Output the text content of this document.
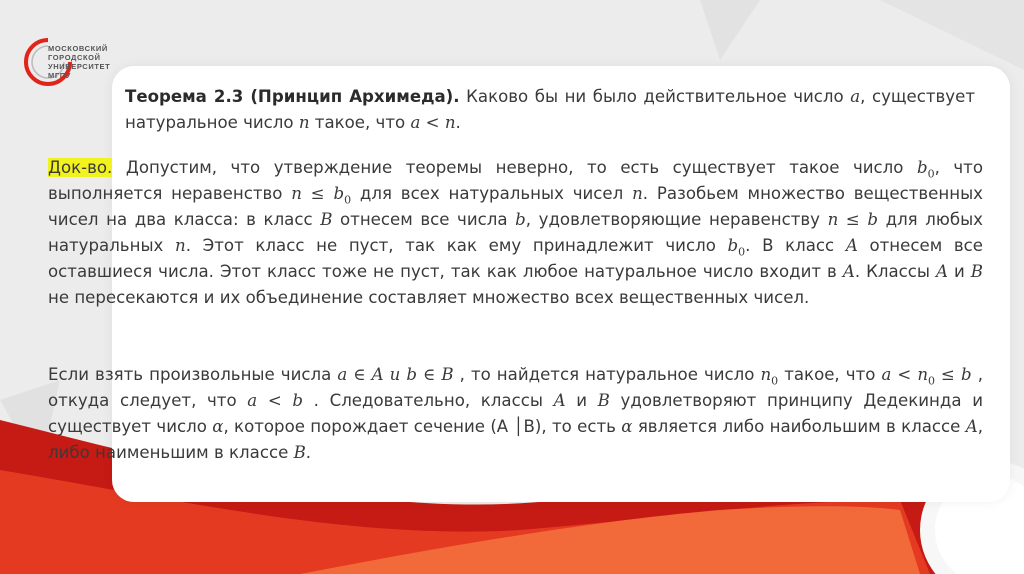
МОСКОВСКИЙ
ГОРОДСКОЙ
УНИВЕРСИТЕТ
МГПУ
Теорема 2.3 (Принцип Архимеда). Каково бы ни было действительное число a, существует натуральное число n такое, что a < n.
Док-во. Допустим, что утверждение теоремы неверно, то есть существует такое число $b_0$, что выполняется неравенство $n \le b_0$ для всех натуральных чисел n. Разобьем множество вещественных чисел на два класса: в класс B отнесем все числа b, удовлетворяющие неравенству n ≤ b для любых натуральных n. Этот класс не пуст, так как ему принадлежит число $b_0$. В класс A отнесем все оставшиеся числа. Этот класс тоже не пуст, так как любое натуральное число входит в A. Классы A и B не пересекаются и их объединение составляет множество всех вещественных чисел.
Если взять произвольные числа a ∈ A и b ∈ B , то найдется натуральное число $n_0$ такое, что $a < n_0 \le b$ , откуда следует, что a < b . Следовательно, классы A и B удовлетворяют принципу Дедекинда и существует число α, которое порождает сечение (A │B), то есть α является либо наибольшим в классе A, либо наименьшим в классе B.
